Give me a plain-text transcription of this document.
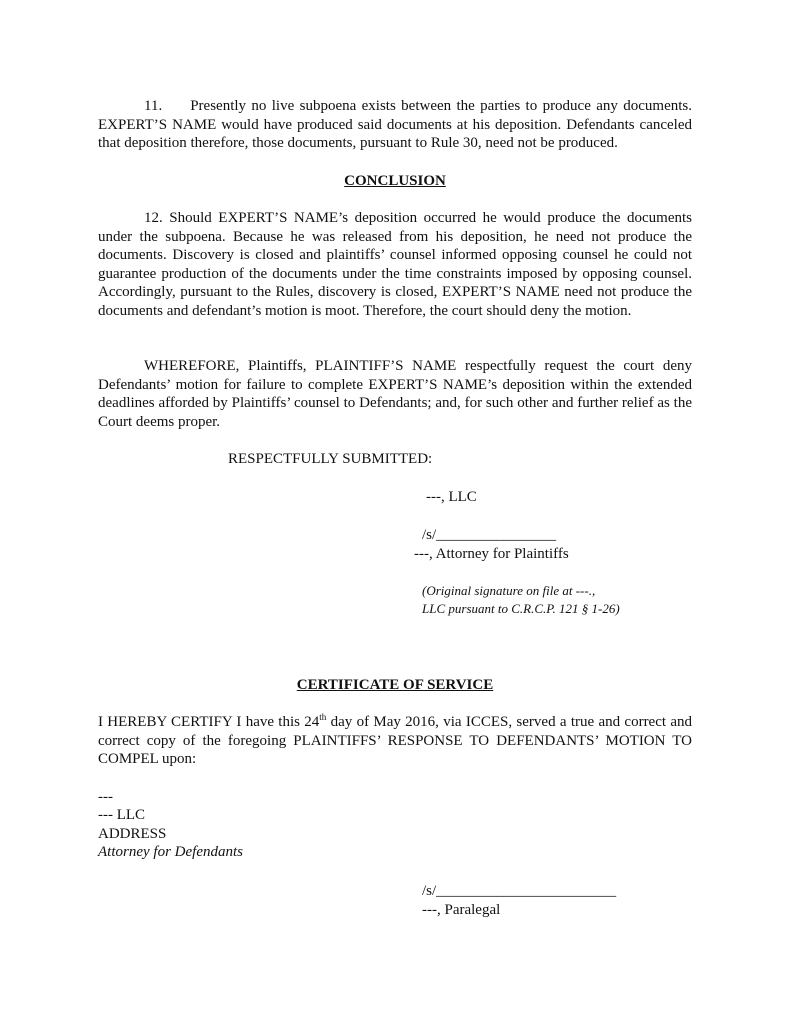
11. Presently no live subpoena exists between the parties to produce any documents. EXPERT’S NAME would have produced said documents at his deposition. Defendants canceled that deposition therefore, those documents, pursuant to Rule 30, need not be produced.

CONCLUSION

12. Should EXPERT’S NAME’s deposition occurred he would produce the documents under the subpoena. Because he was released from his deposition, he need not produce the documents. Discovery is closed and plaintiffs’ counsel informed opposing counsel he could not guarantee production of the documents under the time constraints imposed by opposing counsel. Accordingly, pursuant to the Rules, discovery is closed, EXPERT’S NAME need not produce the documents and defendant’s motion is moot. Therefore, the court should deny the motion.

WHEREFORE, Plaintiffs, PLAINTIFF’S NAME respectfully request the court deny Defendants’ motion for failure to complete EXPERT’S NAME’s deposition within the extended deadlines afforded by Plaintiffs’ counsel to Defendants; and, for such other and further relief as the Court deems proper.

RESPECTFULLY SUBMITTED:

---, LLC

/s/________________

---, Attorney for Plaintiffs

(Original signature on file at ---.,

LLC pursuant to C.R.C.P. 121 § 1-26)

CERTIFICATE OF SERVICE

I HEREBY CERTIFY I have this 24th day of May 2016, via ICCES, served a true and correct and correct copy of the foregoing PLAINTIFFS’ RESPONSE TO DEFENDANTS’ MOTION TO COMPEL upon:

---

--- LLC

ADDRESS

Attorney for Defendants

/s/________________________

---, Paralegal
